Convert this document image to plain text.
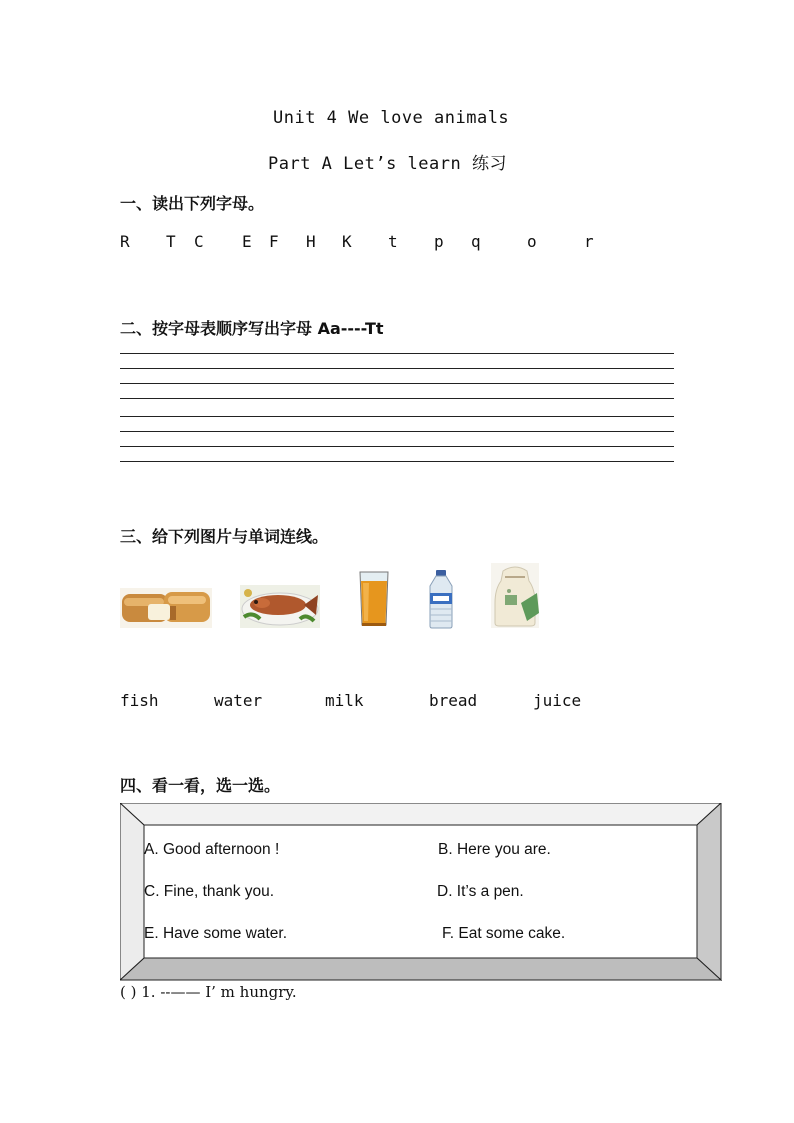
Unit 4 We love animals
Part A Let’s learn 练习
一、读出下列字母。
R T C E F H K t p q	o	r
二、按字母表顺序写出字母 Aa----Tt
三、给下列图片与单词连线。
fish	water	milk	bread	juice
四、看一看，选一选。
A. Good afternoon !	B. Here you are.
C. Fine, thank you.	D. It’s a pen.
E. Have some water.	F. Eat some cake.
( ) 1. --—— I’ m hungry.
